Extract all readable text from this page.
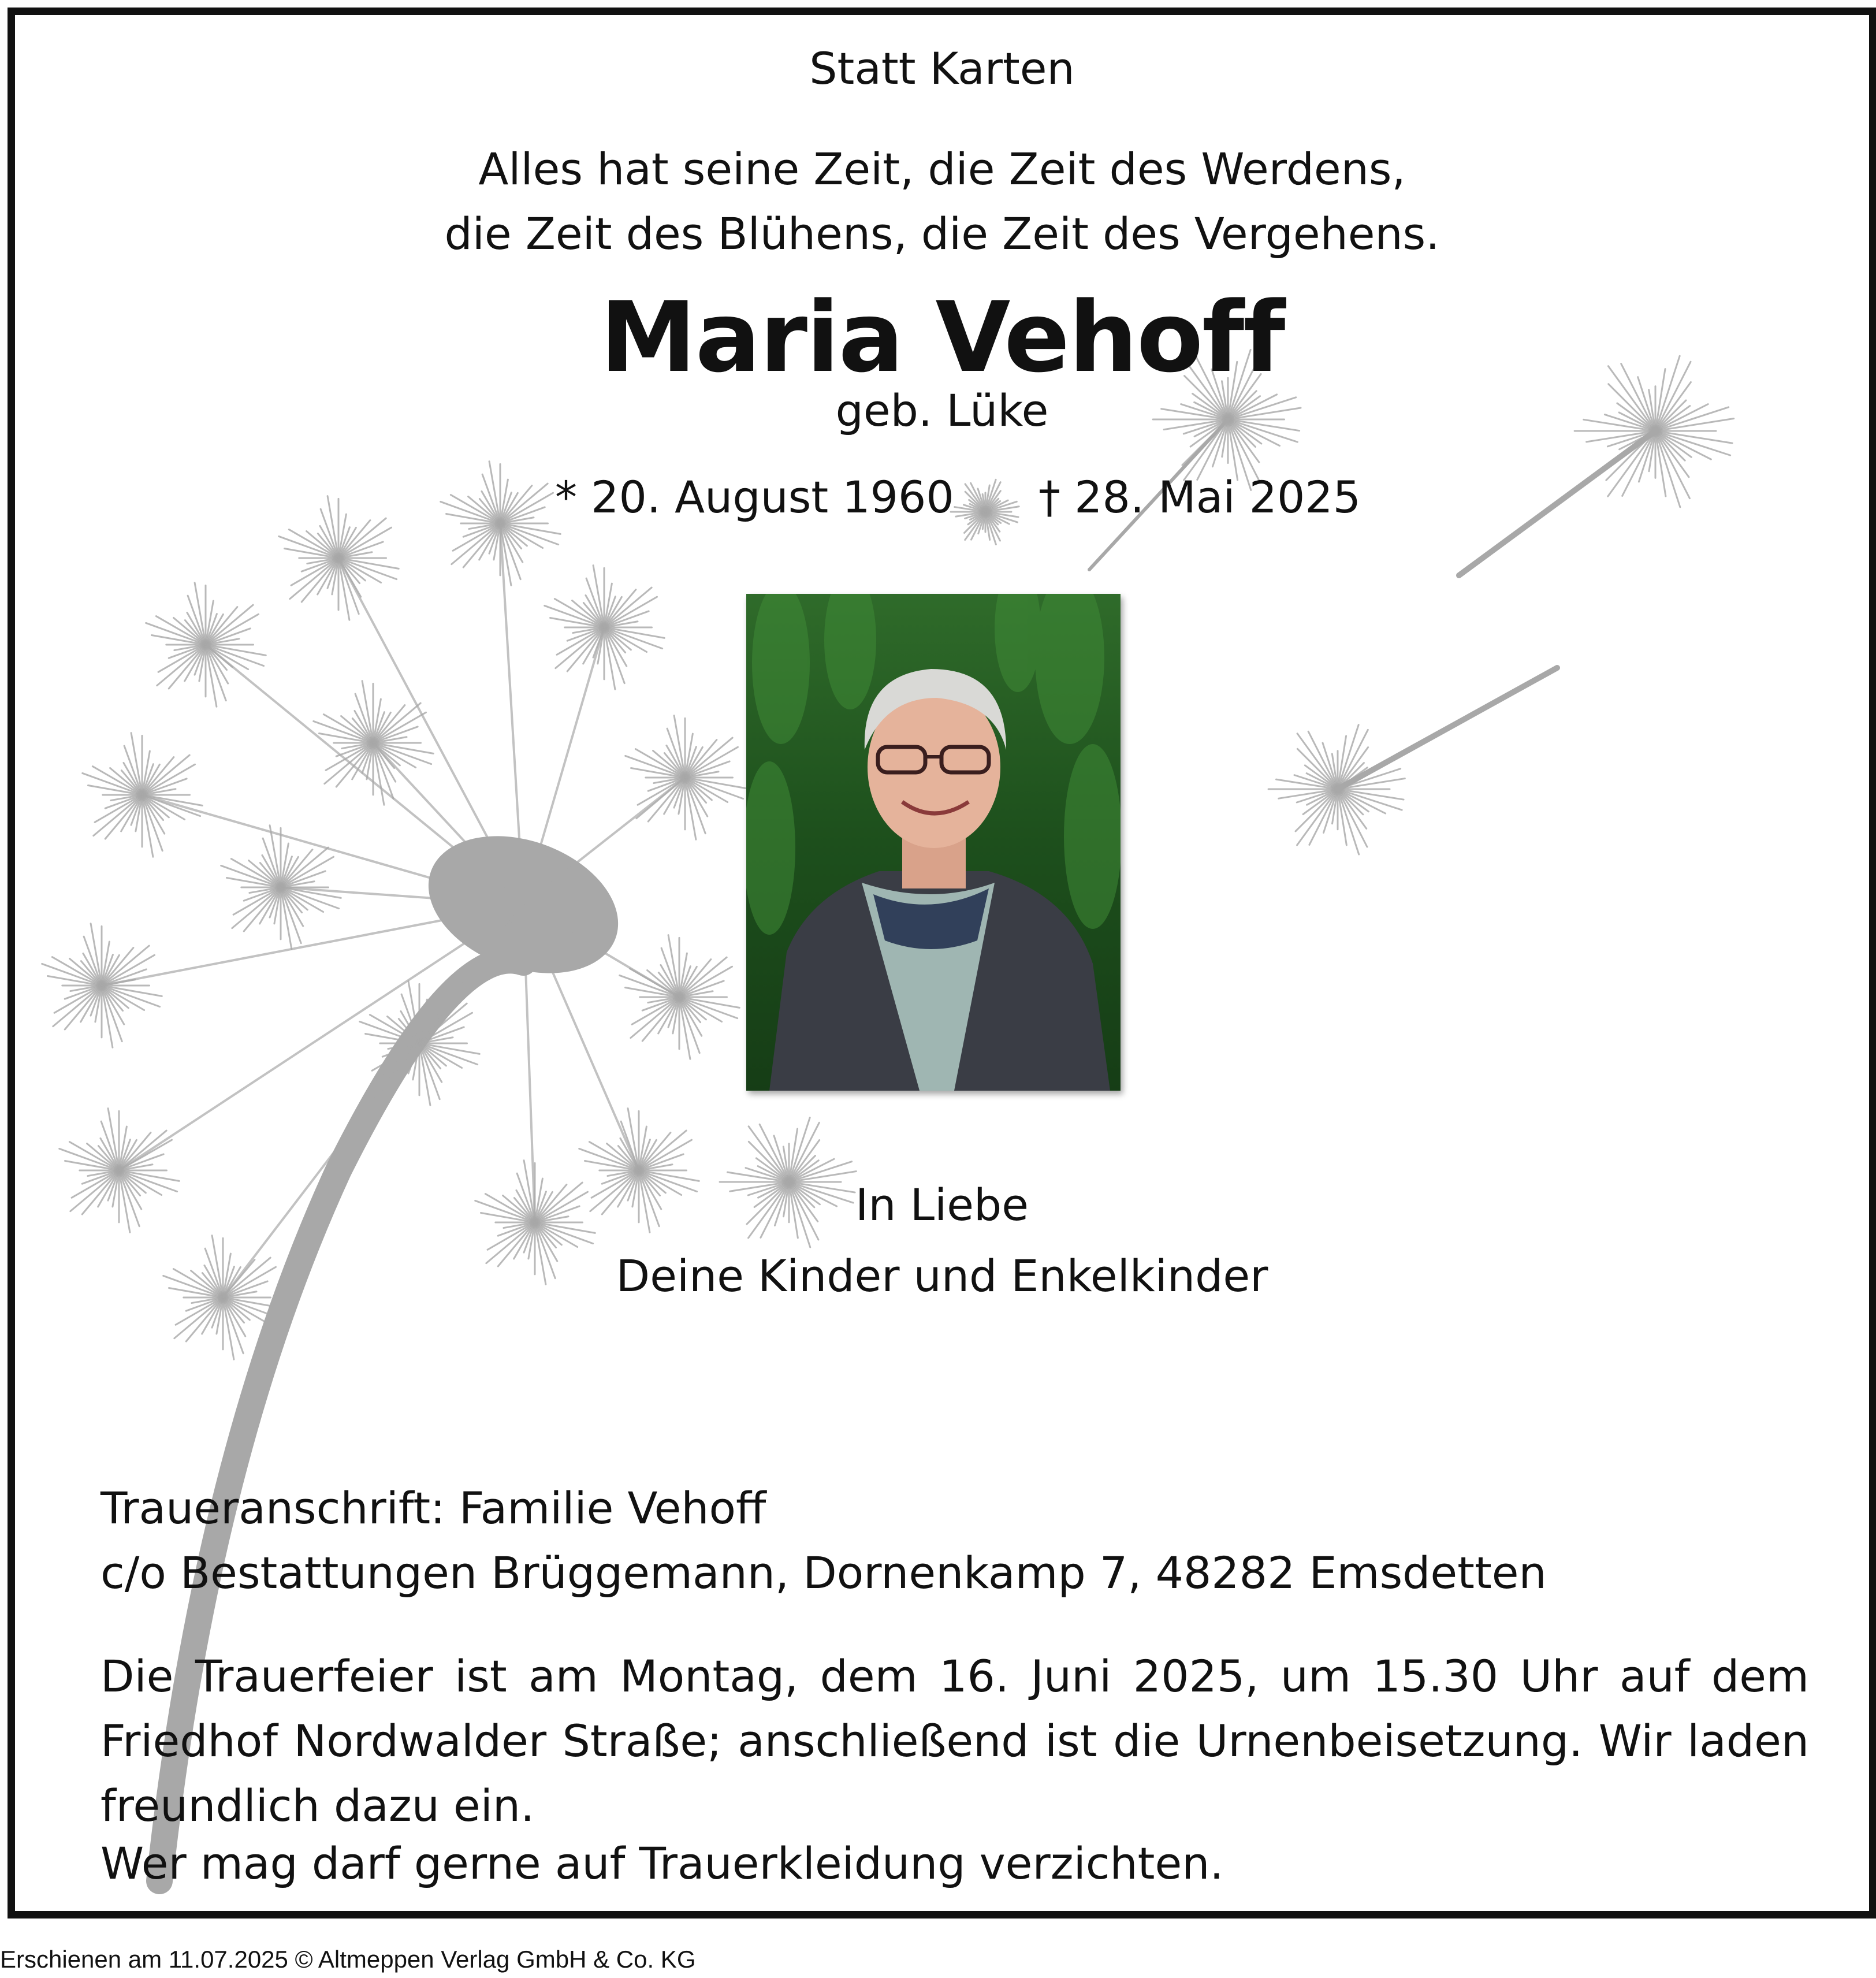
Statt Karten
Alles hat seine Zeit, die Zeit des Werdens,
die Zeit des Blühens, die Zeit des Vergehens.
Maria Vehoff
geb. Lüke
* 20. August 1960 † 28. Mai 2025
In Liebe
Deine Kinder und Enkelkinder
Traueranschrift: Familie Vehoff
c/o Bestattungen Brüggemann, Dornenkamp 7, 48282 Emsdetten

Die Trauerfeier ist am Montag, dem 16. Juni 2025, um 15.30 Uhr auf dem Friedhof Nordwalder Straße; anschließend ist die Urnenbeisetzung. Wir laden freundlich dazu ein.

Wer mag darf gerne auf Trauerkleidung verzichten.
Erschienen am 11.07.2025 © Altmeppen Verlag GmbH & Co. KG
